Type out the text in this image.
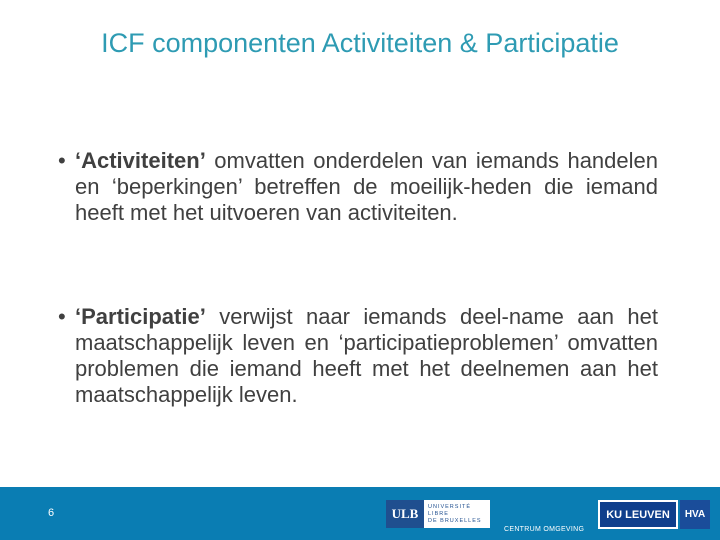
ICF componenten Activiteiten & Participatie
• ‘Activiteiten’ omvatten onderdelen van iemands handelen en ‘beperkingen’ betreffen de moeilijk-heden die iemand heeft met het uitvoeren van activiteiten.
• ‘Participatie’ verwijst naar iemands deel-name aan het maatschappelijk leven en ‘participatieproblemen’ omvatten problemen die iemand heeft met het deelnemen aan het maatschappelijk leven.
6	ULB	UNIVERSITÉ
LIBRE
DE BRUXELLES
CENTRUM OMGEVING
KU LEUVEN	HVA
